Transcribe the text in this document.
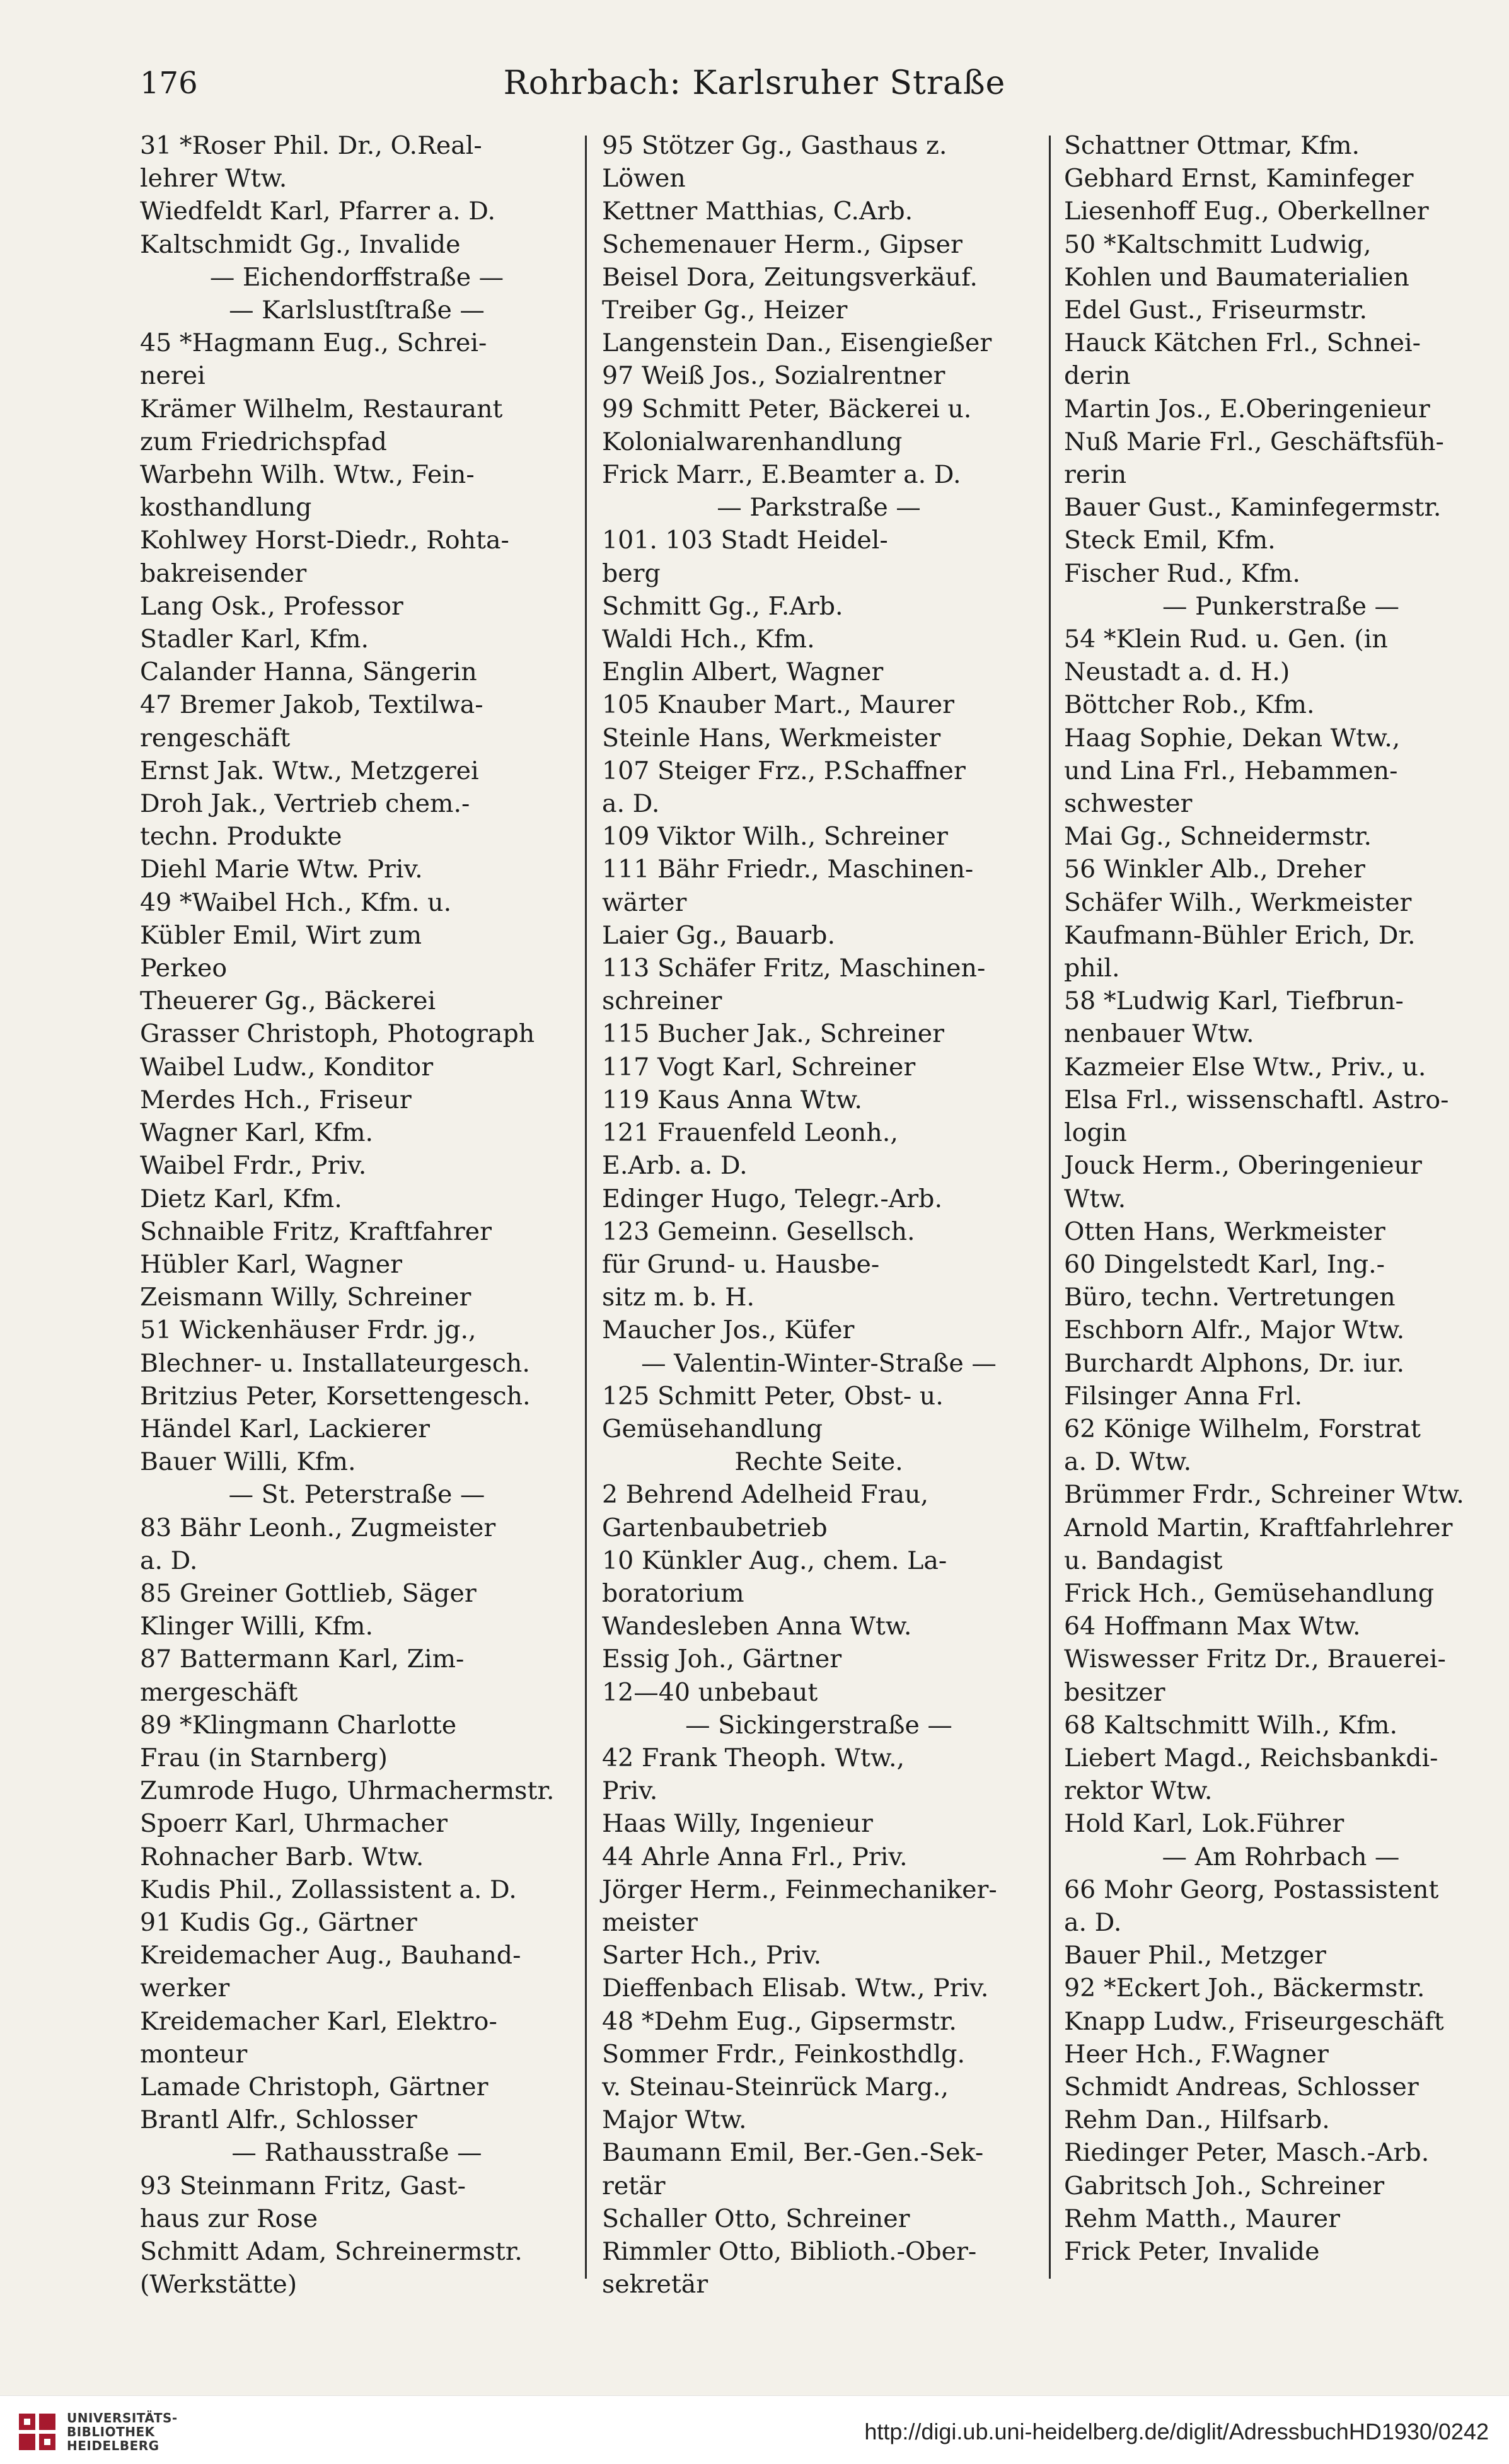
176	Rohrbach: Karlsruher Straße
31 *Roser Phil. Dr., O.Real-
lehrer Wtw.
Wiedfeldt Karl, Pfarrer a. D.
Kaltschmidt Gg., Invalide
— Eichendorffstraße —
— Karlslustſtraße —
45 *Hagmann Eug., Schrei-
nerei
Krämer Wilhelm, Restaurant
zum Friedrichspfad
Warbehn Wilh. Wtw., Fein-
kosthandlung
Kohlwey Horst-Diedr., Rohta-
bakreisender
Lang Osk., Professor
Stadler Karl, Kfm.
Calander Hanna, Sängerin
47 Bremer Jakob, Textilwa-
rengeschäft
Ernst Jak. Wtw., Metzgerei
Droh Jak., Vertrieb chem.-
techn. Produkte
Diehl Marie Wtw. Priv.
49 *Waibel Hch., Kfm. u.
Kübler Emil, Wirt zum
Perkeo
Theuerer Gg., Bäckerei
Grasser Christoph, Photograph
Waibel Ludw., Konditor
Merdes Hch., Friseur
Wagner Karl, Kfm.
Waibel Frdr., Priv.
Dietz Karl, Kfm.
Schnaible Fritz, Kraftfahrer
Hübler Karl, Wagner
Zeismann Willy, Schreiner
51 Wickenhäuser Frdr. jg.,
Blechner- u. Installateurgesch.
Britzius Peter, Korsettengesch.
Händel Karl, Lackierer
Bauer Willi, Kfm.
— St. Peterstraße —
83 Bähr Leonh., Zugmeister
a. D.
85 Greiner Gottlieb, Säger
Klinger Willi, Kfm.
87 Battermann Karl, Zim-
mergeschäft
89 *Klingmann Charlotte
Frau (in Starnberg)
Zumrode Hugo, Uhrmachermstr.
Spoerr Karl, Uhrmacher
Rohnacher Barb. Wtw.
Kudis Phil., Zollassistent a. D.
91 Kudis Gg., Gärtner
Kreidemacher Aug., Bauhand-
werker
Kreidemacher Karl, Elektro-
monteur
Lamade Christoph, Gärtner
Brantl Alfr., Schlosser
— Rathausstraße —
93 Steinmann Fritz, Gast-
haus zur Rose
Schmitt Adam, Schreinermstr.
(Werkstätte)
95 Stötzer Gg., Gasthaus z.
Löwen
Kettner Matthias, C.Arb.
Schemenauer Herm., Gipser
Beisel Dora, Zeitungsverkäuf.
Treiber Gg., Heizer
Langenstein Dan., Eisengießer
97 Weiß Jos., Sozialrentner
99 Schmitt Peter, Bäckerei u.
Kolonialwarenhandlung
Frick Marr., E.Beamter a. D.
— Parkstraße —
101. 103 Stadt Heidel-
berg
Schmitt Gg., F.Arb.
Waldi Hch., Kfm.
Englin Albert, Wagner
105 Knauber Mart., Maurer
Steinle Hans, Werkmeister
107 Steiger Frz., P.Schaffner
a. D.
109 Viktor Wilh., Schreiner
111 Bähr Friedr., Maschinen-
wärter
Laier Gg., Bauarb.
113 Schäfer Fritz, Maschinen-
schreiner
115 Bucher Jak., Schreiner
117 Vogt Karl, Schreiner
119 Kaus Anna Wtw.
121 Frauenfeld Leonh.,
E.Arb. a. D.
Edinger Hugo, Telegr.-Arb.
123 Gemeinn. Gesellsch.
für Grund- u. Hausbe-
sitz m. b. H.
Maucher Jos., Küfer
— Valentin-Winter-Straße —
125 Schmitt Peter, Obst- u.
Gemüsehandlung
Rechte Seite.
2 Behrend Adelheid Frau,
Gartenbaubetrieb
10 Künkler Aug., chem. La-
boratorium
Wandesleben Anna Wtw.
Essig Joh., Gärtner
12—40 unbebaut
— Sickingerstraße —
42 Frank Theoph. Wtw.,
Priv.
Haas Willy, Ingenieur
44 Ahrle Anna Frl., Priv.
Jörger Herm., Feinmechaniker-
meister
Sarter Hch., Priv.
Dieffenbach Elisab. Wtw., Priv.
48 *Dehm Eug., Gipsermstr.
Sommer Frdr., Feinkosthdlg.
v. Steinau-Steinrück Marg.,
Major Wtw.
Baumann Emil, Ber.-Gen.-Sek-
retär
Schaller Otto, Schreiner
Rimmler Otto, Biblioth.-Ober-
sekretär
Schattner Ottmar, Kfm.
Gebhard Ernst, Kaminfeger
Liesenhoff Eug., Oberkellner
50 *Kaltschmitt Ludwig,
Kohlen und Baumaterialien
Edel Gust., Friseurmstr.
Hauck Kätchen Frl., Schnei-
derin
Martin Jos., E.Oberingenieur
Nuß Marie Frl., Geschäftsfüh-
rerin
Bauer Gust., Kaminfegermstr.
Steck Emil, Kfm.
Fischer Rud., Kfm.
— Punkerstraße —
54 *Klein Rud. u. Gen. (in
Neustadt a. d. H.)
Böttcher Rob., Kfm.
Haag Sophie, Dekan Wtw.,
und Lina Frl., Hebammen-
schwester
Mai Gg., Schneidermstr.
56 Winkler Alb., Dreher
Schäfer Wilh., Werkmeister
Kaufmann-Bühler Erich, Dr.
phil.
58 *Ludwig Karl, Tiefbrun-
nenbauer Wtw.
Kazmeier Else Wtw., Priv., u.
Elsa Frl., wissenschaftl. Astro-
login
Jouck Herm., Oberingenieur
Wtw.
Otten Hans, Werkmeister
60 Dingelstedt Karl, Ing.-
Büro, techn. Vertretungen
Eschborn Alfr., Major Wtw.
Burchardt Alphons, Dr. iur.
Filsinger Anna Frl.
62 Könige Wilhelm, Forstrat
a. D. Wtw.
Brümmer Frdr., Schreiner Wtw.
Arnold Martin, Kraftfahrlehrer
u. Bandagist
Frick Hch., Gemüsehandlung
64 Hoffmann Max Wtw.
Wiswesser Fritz Dr., Brauerei-
besitzer
68 Kaltschmitt Wilh., Kfm.
Liebert Magd., Reichsbankdi-
rektor Wtw.
Hold Karl, Lok.Führer
— Am Rohrbach —
66 Mohr Georg, Postassistent
a. D.
Bauer Phil., Metzger
92 *Eckert Joh., Bäckermstr.
Knapp Ludw., Friseurgeschäft
Heer Hch., F.Wagner
Schmidt Andreas, Schlosser
Rehm Dan., Hilfsarb.
Riedinger Peter, Masch.-Arb.
Gabritsch Joh., Schreiner
Rehm Matth., Maurer
Frick Peter, Invalide
UNIVERSITÄTS-
BIBLIOTHEK
HEIDELBERG
http://digi.ub.uni-heidelberg.de/diglit/AdressbuchHD1930/0242
